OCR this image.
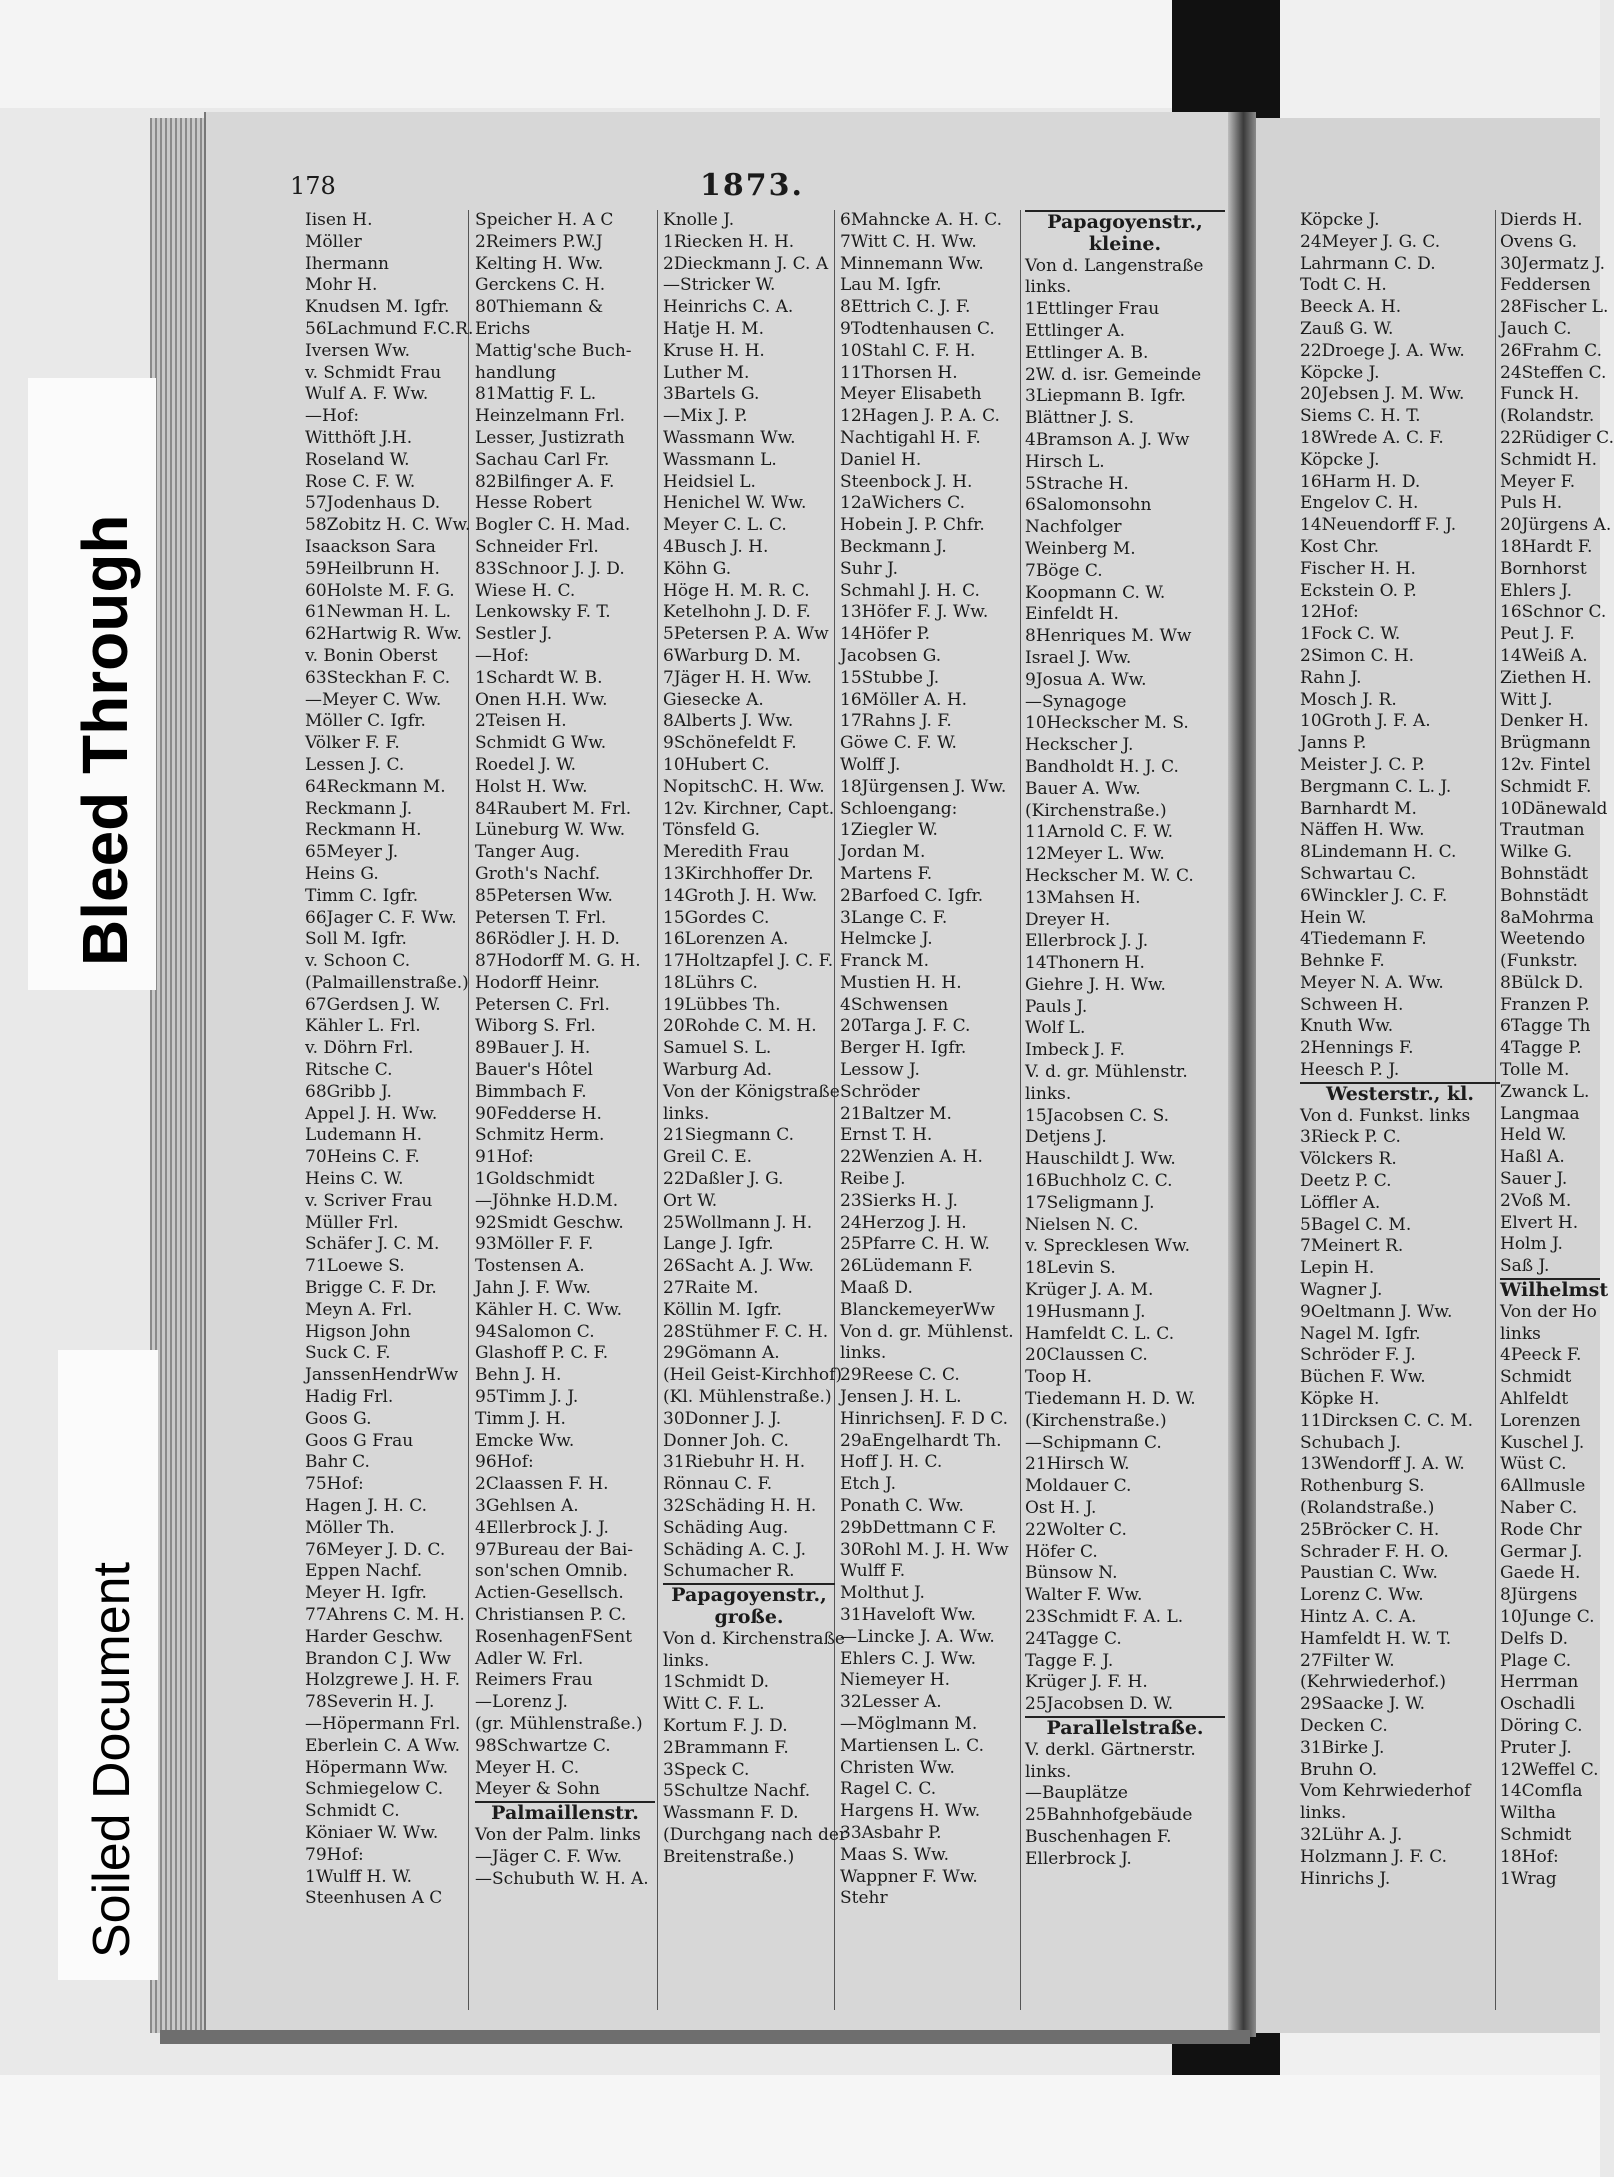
Bleed Through
Soiled Document
178	1873.
Iisen H.
Möller
Ihermann
Mohr H.
Knudsen M. Igfr.
56Lachmund F.C.R.
Iversen Ww.
v. Schmidt Frau
Wulf A. F. Ww.
—Hof:
Witthöft J.H.
Roseland W.
Rose C. F. W.
57Jodenhaus D.
58Zobitz H. C. Ww.
Isaackson Sara
59Heilbrunn H.
60Holste M. F. G.
61Newman H. L.
62Hartwig R. Ww.
v. Bonin Oberst
63Steckhan F. C.
—Meyer C. Ww.
Möller C. Igfr.
Völker F. F.
Lessen J. C.
64Reckmann M.
Reckmann J.
Reckmann H.
65Meyer J.
Heins G.
Timm C. Igfr.
66Jager C. F. Ww.
Soll M. Igfr.
v. Schoon C.
(Palmaillenstraße.)
67Gerdsen J. W.
Kähler L. Frl.
v. Döhrn Frl.
Ritsche C.
68Gribb J.
Appel J. H. Ww.
Ludemann H.
70Heins C. F.
Heins C. W.
v. Scriver Frau
Müller Frl.
Schäfer J. C. M.
71Loewe S.
Brigge C. F. Dr.
Meyn A. Frl.
Higson John
Suck C. F.
JanssenHendrWw
Hadig Frl.
Goos G.
Goos G Frau
Bahr C.
75Hof:
Hagen J. H. C.
Möller Th.
76Meyer J. D. C.
Eppen Nachf.
Meyer H. Igfr.
77Ahrens C. M. H.
Harder Geschw.
Brandon C J. Ww
Holzgrewe J. H. F.
78Severin H. J.
—Höpermann Frl.
Eberlein C. A Ww.
Höpermann Ww.
Schmiegelow C.
Schmidt C.
Köniaer W. Ww.
79Hof:
1Wulff H. W.
Steenhusen A C
Speicher H. A C
2Reimers P.W.J
Kelting H. Ww.
Gerckens C. H.
80Thiemann &
Erichs
Mattig'sche Buch-
handlung
81Mattig F. L.
Heinzelmann Frl.
Lesser, Justizrath
Sachau Carl Fr.
82Bilfinger A. F.
Hesse Robert
Bogler C. H. Mad.
Schneider Frl.
83Schnoor J. J. D.
Wiese H. C.
Lenkowsky F. T.
Sestler J.
—Hof:
1Schardt W. B.
Onen H.H. Ww.
2Teisen H.
Schmidt G Ww.
Roedel J. W.
Holst H. Ww.
84Raubert M. Frl.
Lüneburg W. Ww.
Tanger Aug.
Groth's Nachf.
85Petersen Ww.
Petersen T. Frl.
86Rödler J. H. D.
87Hodorff M. G. H.
Hodorff Heinr.
Petersen C. Frl.
Wiborg S. Frl.
89Bauer J. H.
Bauer's Hôtel
Bimmbach F.
90Fedderse H.
Schmitz Herm.
91Hof:
1Goldschmidt
—Jöhnke H.D.M.
92Smidt Geschw.
93Möller F. F.
Tostensen A.
Jahn J. F. Ww.
Kähler H. C. Ww.
94Salomon C.
Glashoff P. C. F.
Behn J. H.
95Timm J. J.
Timm J. H.
Emcke Ww.
96Hof:
2Claassen F. H.
3Gehlsen A.
4Ellerbrock J. J.
97Bureau der Bai-
son'schen Omnib.
Actien-Gesellsch.
Christiansen P. C.
RosenhagenFSent
Adler W. Frl.
Reimers Frau
—Lorenz J.
(gr. Mühlenstraße.)
98Schwartze C.
Meyer H. C.
Meyer & Sohn
Palmaillenstr.
Von der Palm. links
—Jäger C. F. Ww.
—Schubuth W. H. A.
Knolle J.
1Riecken H. H.
2Dieckmann J. C. A
—Stricker W.
Heinrichs C. A.
Hatje H. M.
Kruse H. H.
Luther M.
3Bartels G.
—Mix J. P.
Wassmann Ww.
Wassmann L.
Heidsiel L.
Henichel W. Ww.
Meyer C. L. C.
4Busch J. H.
Köhn G.
Höge H. M. R. C.
Ketelhohn J. D. F.
5Petersen P. A. Ww
6Warburg D. M.
7Jäger H. H. Ww.
Giesecke A.
8Alberts J. Ww.
9Schönefeldt F.
10Hubert C.
NopitschC. H. Ww.
12v. Kirchner, Capt.
Tönsfeld G.
Meredith Frau
13Kirchhoffer Dr.
14Groth J. H. Ww.
15Gordes C.
16Lorenzen A.
17Holtzapfel J. C. F.
18Lührs C.
19Lübbes Th.
20Rohde C. M. H.
Samuel S. L.
Warburg Ad.
Von der Königstraße
links.
21Siegmann C.
Greil C. E.
22Daßler J. G.
Ort W.
25Wollmann J. H.
Lange J. Igfr.
26Sacht A. J. Ww.
27Raite M.
Köllin M. Igfr.
28Stühmer F. C. H.
29Gömann A.
(Heil Geist-Kirchhof)
(Kl. Mühlenstraße.)
30Donner J. J.
Donner Joh. C.
31Riebuhr H. H.
Rönnau C. F.
32Schäding H. H.
Schäding Aug.
Schäding A. C. J.
Schumacher R.
Papagoyenstr.,
große.
Von d. Kirchenstraße
links.
1Schmidt D.
Witt C. F. L.
Kortum F. J. D.
2Brammann F.
3Speck C.
5Schultze Nachf.
Wassmann F. D.
(Durchgang nach der
Breitenstraße.)
6Mahncke A. H. C.
7Witt C. H. Ww.
Minnemann Ww.
Lau M. Igfr.
8Ettrich C. J. F.
9Todtenhausen C.
10Stahl C. F. H.
11Thorsen H.
Meyer Elisabeth
12Hagen J. P. A. C.
Nachtigahl H. F.
Daniel H.
Steenbock J. H.
12aWichers C.
Hobein J. P. Chfr.
Beckmann J.
Suhr J.
Schmahl J. H. C.
13Höfer F. J. Ww.
14Höfer P.
Jacobsen G.
15Stubbe J.
16Möller A. H.
17Rahns J. F.
Göwe C. F. W.
Wolff J.
18Jürgensen J. Ww.
Schloengang:
1Ziegler W.
Jordan M.
Martens F.
2Barfoed C. Igfr.
3Lange C. F.
Helmcke J.
Franck M.
Mustien H. H.
4Schwensen
20Targa J. F. C.
Berger H. Igfr.
Lessow J.
Schröder
21Baltzer M.
Ernst T. H.
22Wenzien A. H.
Reibe J.
23Sierks H. J.
24Herzog J. H.
25Pfarre C. H. W.
26Lüdemann F.
Maaß D.
BlanckemeyerWw
Von d. gr. Mühlenst.
links.
29Reese C. C.
Jensen J. H. L.
HinrichsenJ. F. D C.
29aEngelhardt Th.
Hoff J. H. C.
Etch J.
Ponath C. Ww.
29bDettmann C F.
30Rohl M. J. H. Ww
Wulff F.
Molthut J.
31Haveloft Ww.
—Lincke J. A. Ww.
Ehlers C. J. Ww.
Niemeyer H.
32Lesser A.
—Möglmann M.
Martiensen L. C.
Christen Ww.
Ragel C. C.
Hargens H. Ww.
33Asbahr P.
Maas S. Ww.
Wappner F. Ww.
Stehr
Papagoyenstr.,
kleine.
Von d. Langenstraße
links.
1Ettlinger Frau
Ettlinger A.
Ettlinger A. B.
2W. d. isr. Gemeinde
3Liepmann B. Igfr.
Blättner J. S.
4Bramson A. J. Ww
Hirsch L.
5Strache H.
6Salomonsohn
Nachfolger
Weinberg M.
7Böge C.
Koopmann C. W.
Einfeldt H.
8Henriques M. Ww
Israel J. Ww.
9Josua A. Ww.
—Synagoge
10Heckscher M. S.
Heckscher J.
Bandholdt H. J. C.
Bauer A. Ww.
(Kirchenstraße.)
11Arnold C. F. W.
12Meyer L. Ww.
Heckscher M. W. C.
13Mahsen H.
Dreyer H.
Ellerbrock J. J.
14Thonern H.
Giehre J. H. Ww.
Pauls J.
Wolf L.
Imbeck J. F.
V. d. gr. Mühlenstr.
links.
15Jacobsen C. S.
Detjens J.
Hauschildt J. Ww.
16Buchholz C. C.
17Seligmann J.
Nielsen N. C.
v. Sprecklesen Ww.
18Levin S.
Krüger J. A. M.
19Husmann J.
Hamfeldt C. L. C.
20Claussen C.
Toop H.
Tiedemann H. D. W.
(Kirchenstraße.)
—Schipmann C.
21Hirsch W.
Moldauer C.
Ost H. J.
22Wolter C.
Höfer C.
Bünsow N.
Walter F. Ww.
23Schmidt F. A. L.
24Tagge C.
Tagge F. J.
Krüger J. F. H.
25Jacobsen D. W.
Parallelstraße.
V. derkl. Gärtnerstr.
links.
—Bauplätze
25Bahnhofgebäude
Buschenhagen F.
Ellerbrock J.
Köpcke J.
24Meyer J. G. C.
Lahrmann C. D.
Todt C. H.
Beeck A. H.
Zauß G. W.
22Droege J. A. Ww.
Köpcke J.
20Jebsen J. M. Ww.
Siems C. H. T.
18Wrede A. C. F.
Köpcke J.
16Harm H. D.
Engelov C. H.
14Neuendorff F. J.
Kost Chr.
Fischer H. H.
Eckstein O. P.
12Hof:
1Fock C. W.
2Simon C. H.
Rahn J.
Mosch J. R.
10Groth J. F. A.
Janns P.
Meister J. C. P.
Bergmann C. L. J.
Barnhardt M.
Näffen H. Ww.
8Lindemann H. C.
Schwartau C.
6Winckler J. C. F.
Hein W.
4Tiedemann F.
Behnke F.
Meyer N. A. Ww.
Schween H.
Knuth Ww.
2Hennings F.
Heesch P. J.
Westerstr., kl.
Von d. Funkst. links
3Rieck P. C.
Völckers R.
Deetz P. C.
Löffler A.
5Bagel C. M.
7Meinert R.
Lepin H.
Wagner J.
9Oeltmann J. Ww.
Nagel M. Igfr.
Schröder F. J.
Büchen F. Ww.
Köpke H.
11Dircksen C. C. M.
Schubach J.
13Wendorff J. A. W.
Rothenburg S.
(Rolandstraße.)
25Bröcker C. H.
Schrader F. H. O.
Paustian C. Ww.
Lorenz C. Ww.
Hintz A. C. A.
Hamfeldt H. W. T.
27Filter W.
(Kehrwiederhof.)
29Saacke J. W.
Decken C.
31Birke J.
Bruhn O.
Vom Kehrwiederhof
links.
32Lühr A. J.
Holzmann J. F. C.
Hinrichs J.
Dierds H.
Ovens G.
30Jermatz J.
Feddersen
28Fischer L.
Jauch C.
26Frahm C.
24Steffen C.
Funck H.
(Rolandstr.
22Rüdiger C.
Schmidt H.
Meyer F.
Puls H.
20Jürgens A.
18Hardt F.
Bornhorst
Ehlers J.
16Schnor C.
Peut J. F.
14Weiß A.
Ziethen H.
Witt J.
Denker H.
Brügmann
12v. Fintel
Schmidt F.
10Dänewald
Trautman
Wilke G.
Bohnstädt
Bohnstädt
8aMohrma
Weetendo
(Funkstr.
8Bülck D.
Franzen P.
6Tagge Th
4Tagge P.
Tolle M.
Zwanck L.
Langmaa
Held W.
Haßl A.
Sauer J.
2Voß M.
Elvert H.
Holm J.
Saß J.
Wilhelmst
Von der Ho
links
4Peeck F.
Schmidt
Ahlfeldt
Lorenzen
Kuschel J.
Wüst C.
6Allmusle
Naber C.
Rode Chr
Germar J.
Gaede H.
8Jürgens
10Junge C.
Delfs D.
Plage C.
Herrman
Oschadli
Döring C.
Pruter J.
12Weffel C.
14Comfla
Wiltha
Schmidt
18Hof:
1Wrag
